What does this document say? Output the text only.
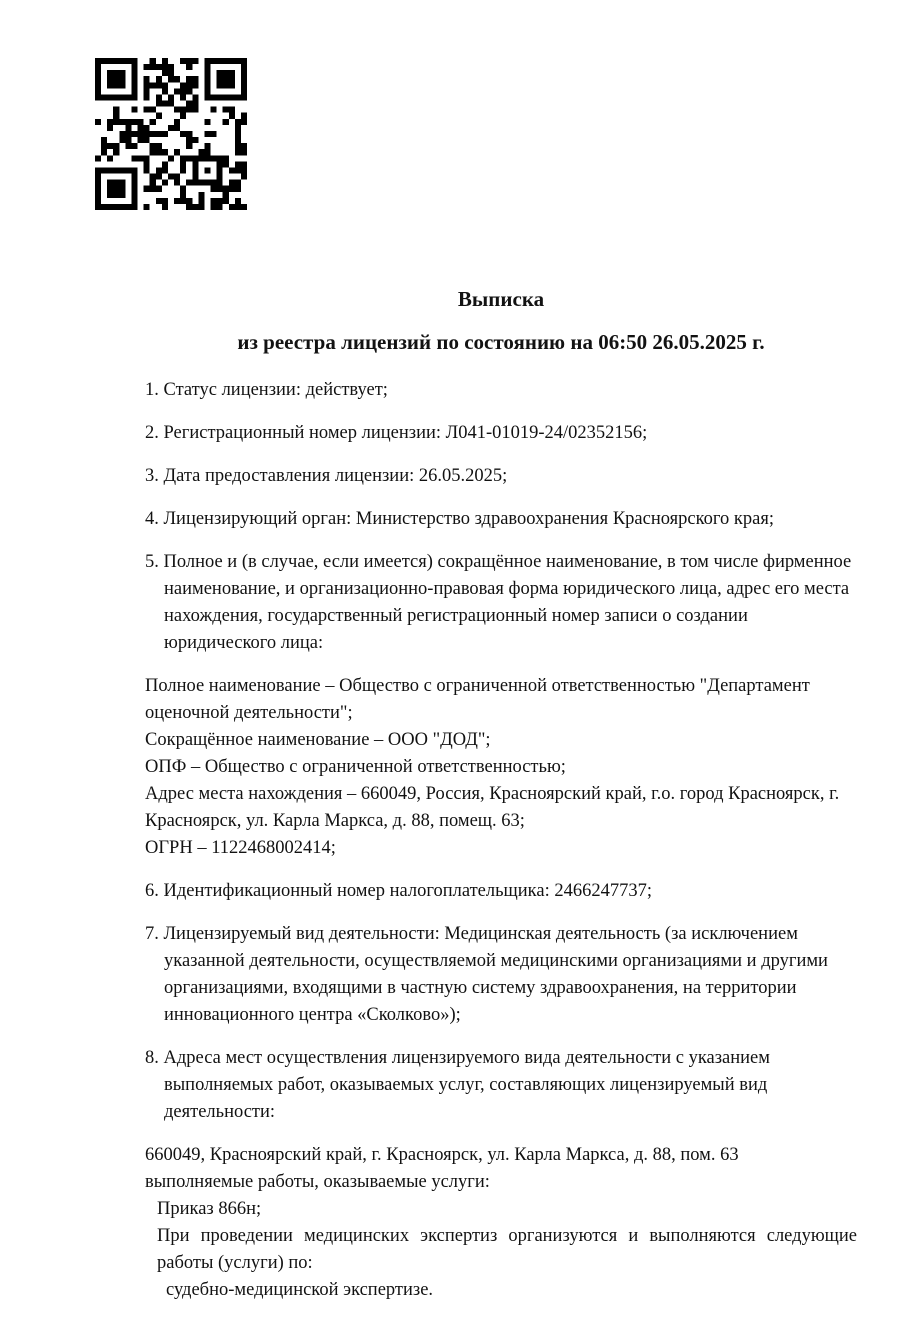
Выписка
из реестра лицензий по состоянию на 06:50 26.05.2025 г.

1. Статус лицензии: действует;

2. Регистрационный номер лицензии: Л041-01019-24/02352156;

3. Дата предоставления лицензии: 26.05.2025;

4. Лицензирующий орган: Министерство здравоохранения Красноярского края;

5. Полное и (в случае, если имеется) сокращённое наименование, в том числе фирменное наименование, и организационно-правовая форма юридического лица, адрес его места нахождения, государственный регистрационный номер записи о создании юридического лица:

Полное наименование – Общество с ограниченной ответственностью "Департамент оценочной деятельности";
Сокращённое наименование – ООО "ДОД";
ОПФ – Общество с ограниченной ответственностью;
Адрес места нахождения – 660049, Россия, Красноярский край, г.о. город Красноярск, г. Красноярск, ул. Карла Маркса, д. 88, помещ. 63;
ОГРН – 1122468002414;

6. Идентификационный номер налогоплательщика: 2466247737;

7. Лицензируемый вид деятельности: Медицинская деятельность (за исключением указанной деятельности, осуществляемой медицинскими организациями и другими организациями, входящими в частную систему здравоохранения, на территории инновационного центра «Сколково»);

8. Адреса мест осуществления лицензируемого вида деятельности с указанием выполняемых работ, оказываемых услуг, составляющих лицензируемый вид деятельности:

660049, Красноярский край, г. Красноярск, ул. Карла Маркса, д. 88, пом. 63
выполняемые работы, оказываемые услуги:
Приказ 866н;
При проведении медицинских экспертиз организуются и выполняются следующие
работы (услуги) по:
судебно-медицинской экспертизе.
